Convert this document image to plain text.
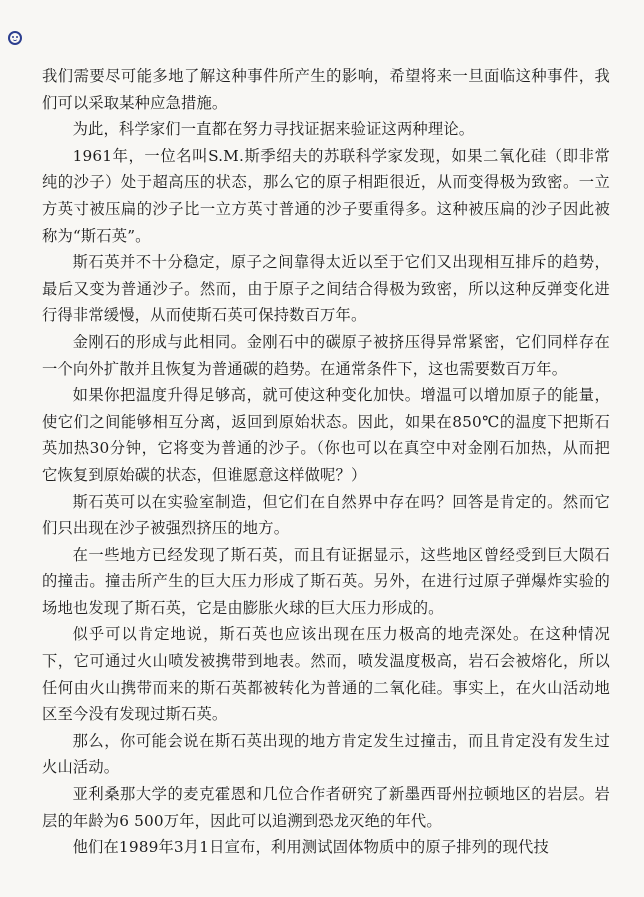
我们需要尽可能多地了解这种事件所产生的影响，希望将来一旦面临这种事件，我们可以采取某种应急措施。

为此，科学家们一直都在努力寻找证据来验证这两种理论。

1961年，一位名叫S.M.斯季绍夫的苏联科学家发现，如果二氧化硅（即非常纯的沙子）处于超高压的状态，那么它的原子相距很近，从而变得极为致密。一立方英寸被压扁的沙子比一立方英寸普通的沙子要重得多。这种被压扁的沙子因此被称为“斯石英”。

斯石英并不十分稳定，原子之间靠得太近以至于它们又出现相互排斥的趋势，最后又变为普通沙子。然而，由于原子之间结合得极为致密，所以这种反弹变化进行得非常缓慢，从而使斯石英可保持数百万年。

金刚石的形成与此相同。金刚石中的碳原子被挤压得异常紧密，它们同样存在一个向外扩散并且恢复为普通碳的趋势。在通常条件下，这也需要数百万年。

如果你把温度升得足够高，就可使这种变化加快。增温可以增加原子的能量，使它们之间能够相互分离，返回到原始状态。因此，如果在850℃的温度下把斯石英加热30分钟，它将变为普通的沙子。（你也可以在真空中对金刚石加热，从而把它恢复到原始碳的状态，但谁愿意这样做呢？）

斯石英可以在实验室制造，但它们在自然界中存在吗？回答是肯定的。然而它们只出现在沙子被强烈挤压的地方。

在一些地方已经发现了斯石英，而且有证据显示，这些地区曾经受到巨大陨石的撞击。撞击所产生的巨大压力形成了斯石英。另外，在进行过原子弹爆炸实验的场地也发现了斯石英，它是由膨胀火球的巨大压力形成的。

似乎可以肯定地说，斯石英也应该出现在压力极高的地壳深处。在这种情况下，它可通过火山喷发被携带到地表。然而，喷发温度极高，岩石会被熔化，所以任何由火山携带而来的斯石英都被转化为普通的二氧化硅。事实上，在火山活动地区至今没有发现过斯石英。

那么，你可能会说在斯石英出现的地方肯定发生过撞击，而且肯定没有发生过火山活动。

亚利桑那大学的麦克霍恩和几位合作者研究了新墨西哥州拉顿地区的岩层。岩层的年龄为6 500万年，因此可以追溯到恐龙灭绝的年代。

他们在1989年3月1日宣布，利用测试固体物质中的原子排列的现代技
